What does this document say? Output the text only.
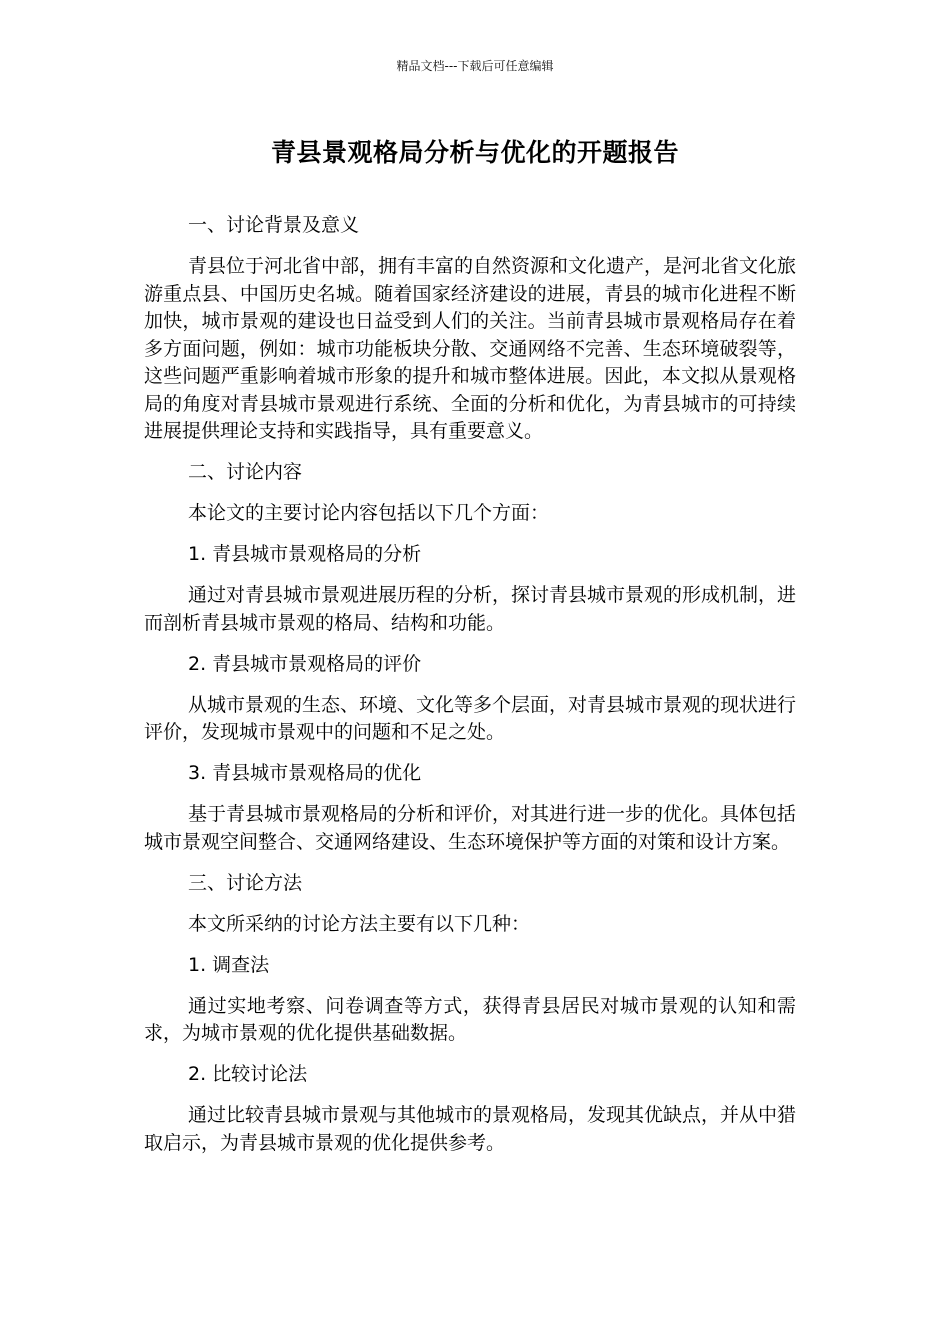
精品文档---下载后可任意编辑
青县景观格局分析与优化的开题报告

一、讨论背景及意义

青县位于河北省中部，拥有丰富的自然资源和文化遗产，是河北省文化旅游重点县、中国历史名城。随着国家经济建设的进展，青县的城市化进程不断加快，城市景观的建设也日益受到人们的关注。当前青县城市景观格局存在着多方面问题，例如：城市功能板块分散、交通网络不完善、生态环境破裂等，这些问题严重影响着城市形象的提升和城市整体进展。因此，本文拟从景观格局的角度对青县城市景观进行系统、全面的分析和优化，为青县城市的可持续进展提供理论支持和实践指导，具有重要意义。

二、讨论内容

本论文的主要讨论内容包括以下几个方面：

1. 青县城市景观格局的分析

通过对青县城市景观进展历程的分析，探讨青县城市景观的形成机制，进而剖析青县城市景观的格局、结构和功能。

2. 青县城市景观格局的评价

从城市景观的生态、环境、文化等多个层面，对青县城市景观的现状进行评价，发现城市景观中的问题和不足之处。

3. 青县城市景观格局的优化

基于青县城市景观格局的分析和评价，对其进行进一步的优化。具体包括城市景观空间整合、交通网络建设、生态环境保护等方面的对策和设计方案。

三、讨论方法

本文所采纳的讨论方法主要有以下几种：

1. 调查法

通过实地考察、问卷调查等方式，获得青县居民对城市景观的认知和需求，为城市景观的优化提供基础数据。

2. 比较讨论法

通过比较青县城市景观与其他城市的景观格局，发现其优缺点，并从中猎取启示，为青县城市景观的优化提供参考。
